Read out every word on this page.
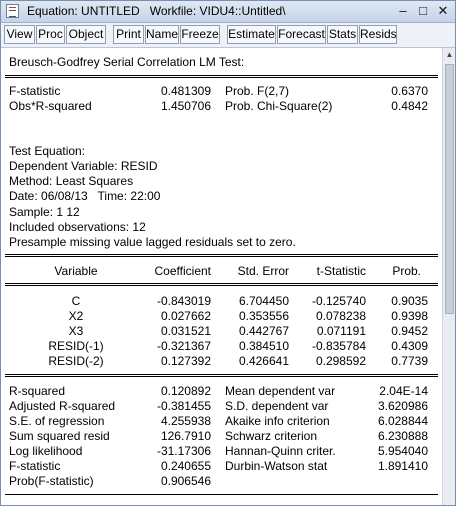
Equation: UNTITLED   Workfile: VIDU4::Untitled\	– □ ✕
View Proc Object Print Name Freeze Estimate Forecast Stats Resids
Breusch-Godfrey Serial Correlation LM Test:
F-statistic	0.481309 Prob. F(2,7)	0.6370
Obs*R-squared	1.450706 Prob. Chi-Square(2)	0.4842
Test Equation:
Dependent Variable: RESID
Method: Least Squares
Date: 06/08/13   Time: 22:00
Sample: 1 12
Included observations: 12
Presample missing value lagged residuals set to zero.
Variable	Coefficient	Std. Error	t-Statistic	Prob.
C	-0.843019	6.704450	-0.125740	0.9035
X2	0.027662	0.353556	0.078238	0.9398
X3	0.031521	0.442767	0.071191	0.9452
RESID(-1)	-0.321367	0.384510	-0.835784	0.4309
RESID(-2)	0.127392	0.426641	0.298592	0.7739
R-squared	0.120892 Mean dependent var	2.04E-14
Adjusted R-squared	-0.381455 S.D. dependent var	3.620986
S.E. of regression	4.255938 Akaike info criterion	6.028844
Sum squared resid	126.7910 Schwarz criterion	6.230888
Log likelihood	-31.17306 Hannan-Quinn criter.	5.954040
F-statistic	0.240655 Durbin-Watson stat	1.891410
Prob(F-statistic)	0.906546
▲
